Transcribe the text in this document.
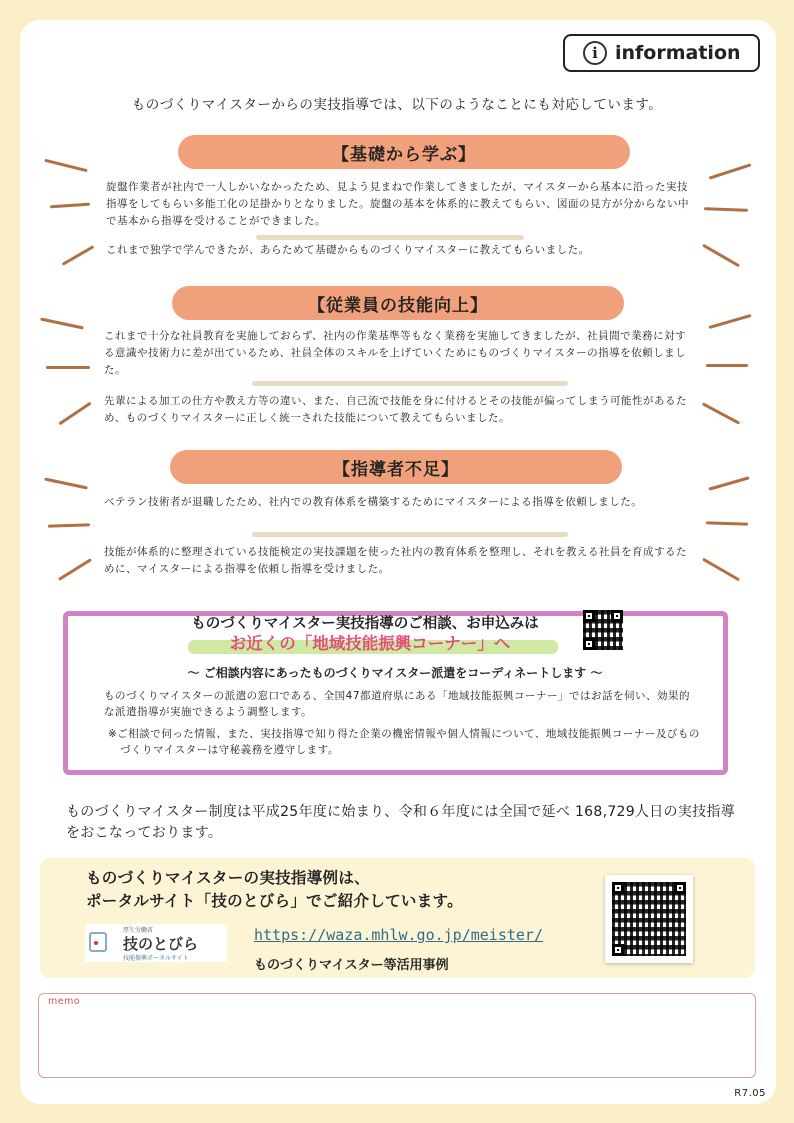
i information
ものづくりマイスターからの実技指導では、以下のようなことにも対応しています。
【基礎から学ぶ】
旋盤作業者が社内で一人しかいなかったため、見よう見まねで作業してきましたが、マイスターから基本に沿った実技指導をしてもらい多能工化の足掛かりとなりました。旋盤の基本を体系的に教えてもらい、図面の見方が分からない中で基本から指導を受けることができました。
これまで独学で学んできたが、あらためて基礎からものづくりマイスターに教えてもらいました。
【従業員の技能向上】
これまで十分な社員教育を実施しておらず、社内の作業基準等もなく業務を実施してきましたが、社員間で業務に対する意識や技術力に差が出ているため、社員全体のスキルを上げていくためにものづくりマイスターの指導を依頼しました。
先輩による加工の仕方や教え方等の違い、また、自己流で技能を身に付けるとその技能が偏ってしまう可能性があるため、ものづくりマイスターに正しく統一された技能について教えてもらいました。
【指導者不足】
ベテラン技術者が退職したため、社内での教育体系を構築するためにマイスターによる指導を依頼しました。
技能が体系的に整理されている技能検定の実技課題を使った社内の教育体系を整理し、それを教える社員を育成するために、マイスターによる指導を依頼し指導を受けました。
ものづくりマイスター実技指導のご相談、お申込みは
お近くの「地域技能振興コーナー」へ
～ ご相談内容にあったものづくりマイスター派遣をコーディネートします ～
ものづくりマイスターの派遣の窓口である、全国47都道府県にある「地域技能振興コーナー」ではお話を伺い、効果的な派遣指導が実施できるよう調整します。
※ご相談で伺った情報、また、実技指導で知り得た企業の機密情報や個人情報について、地域技能振興コーナー及びものづくりマイスターは守秘義務を遵守します。
ものづくりマイスター制度は平成25年度に始まり、令和６年度には全国で延べ 168,729人日の実技指導をおこなっております。
ものづくりマイスターの実技指導例は、
ポータルサイト「技のとびら」でご紹介しています。
厚生労働省
技のとびら
技能振興ポータルサイト
https://waza.mhlw.go.jp/meister/
ものづくりマイスター等活用事例
memo
R7.05
